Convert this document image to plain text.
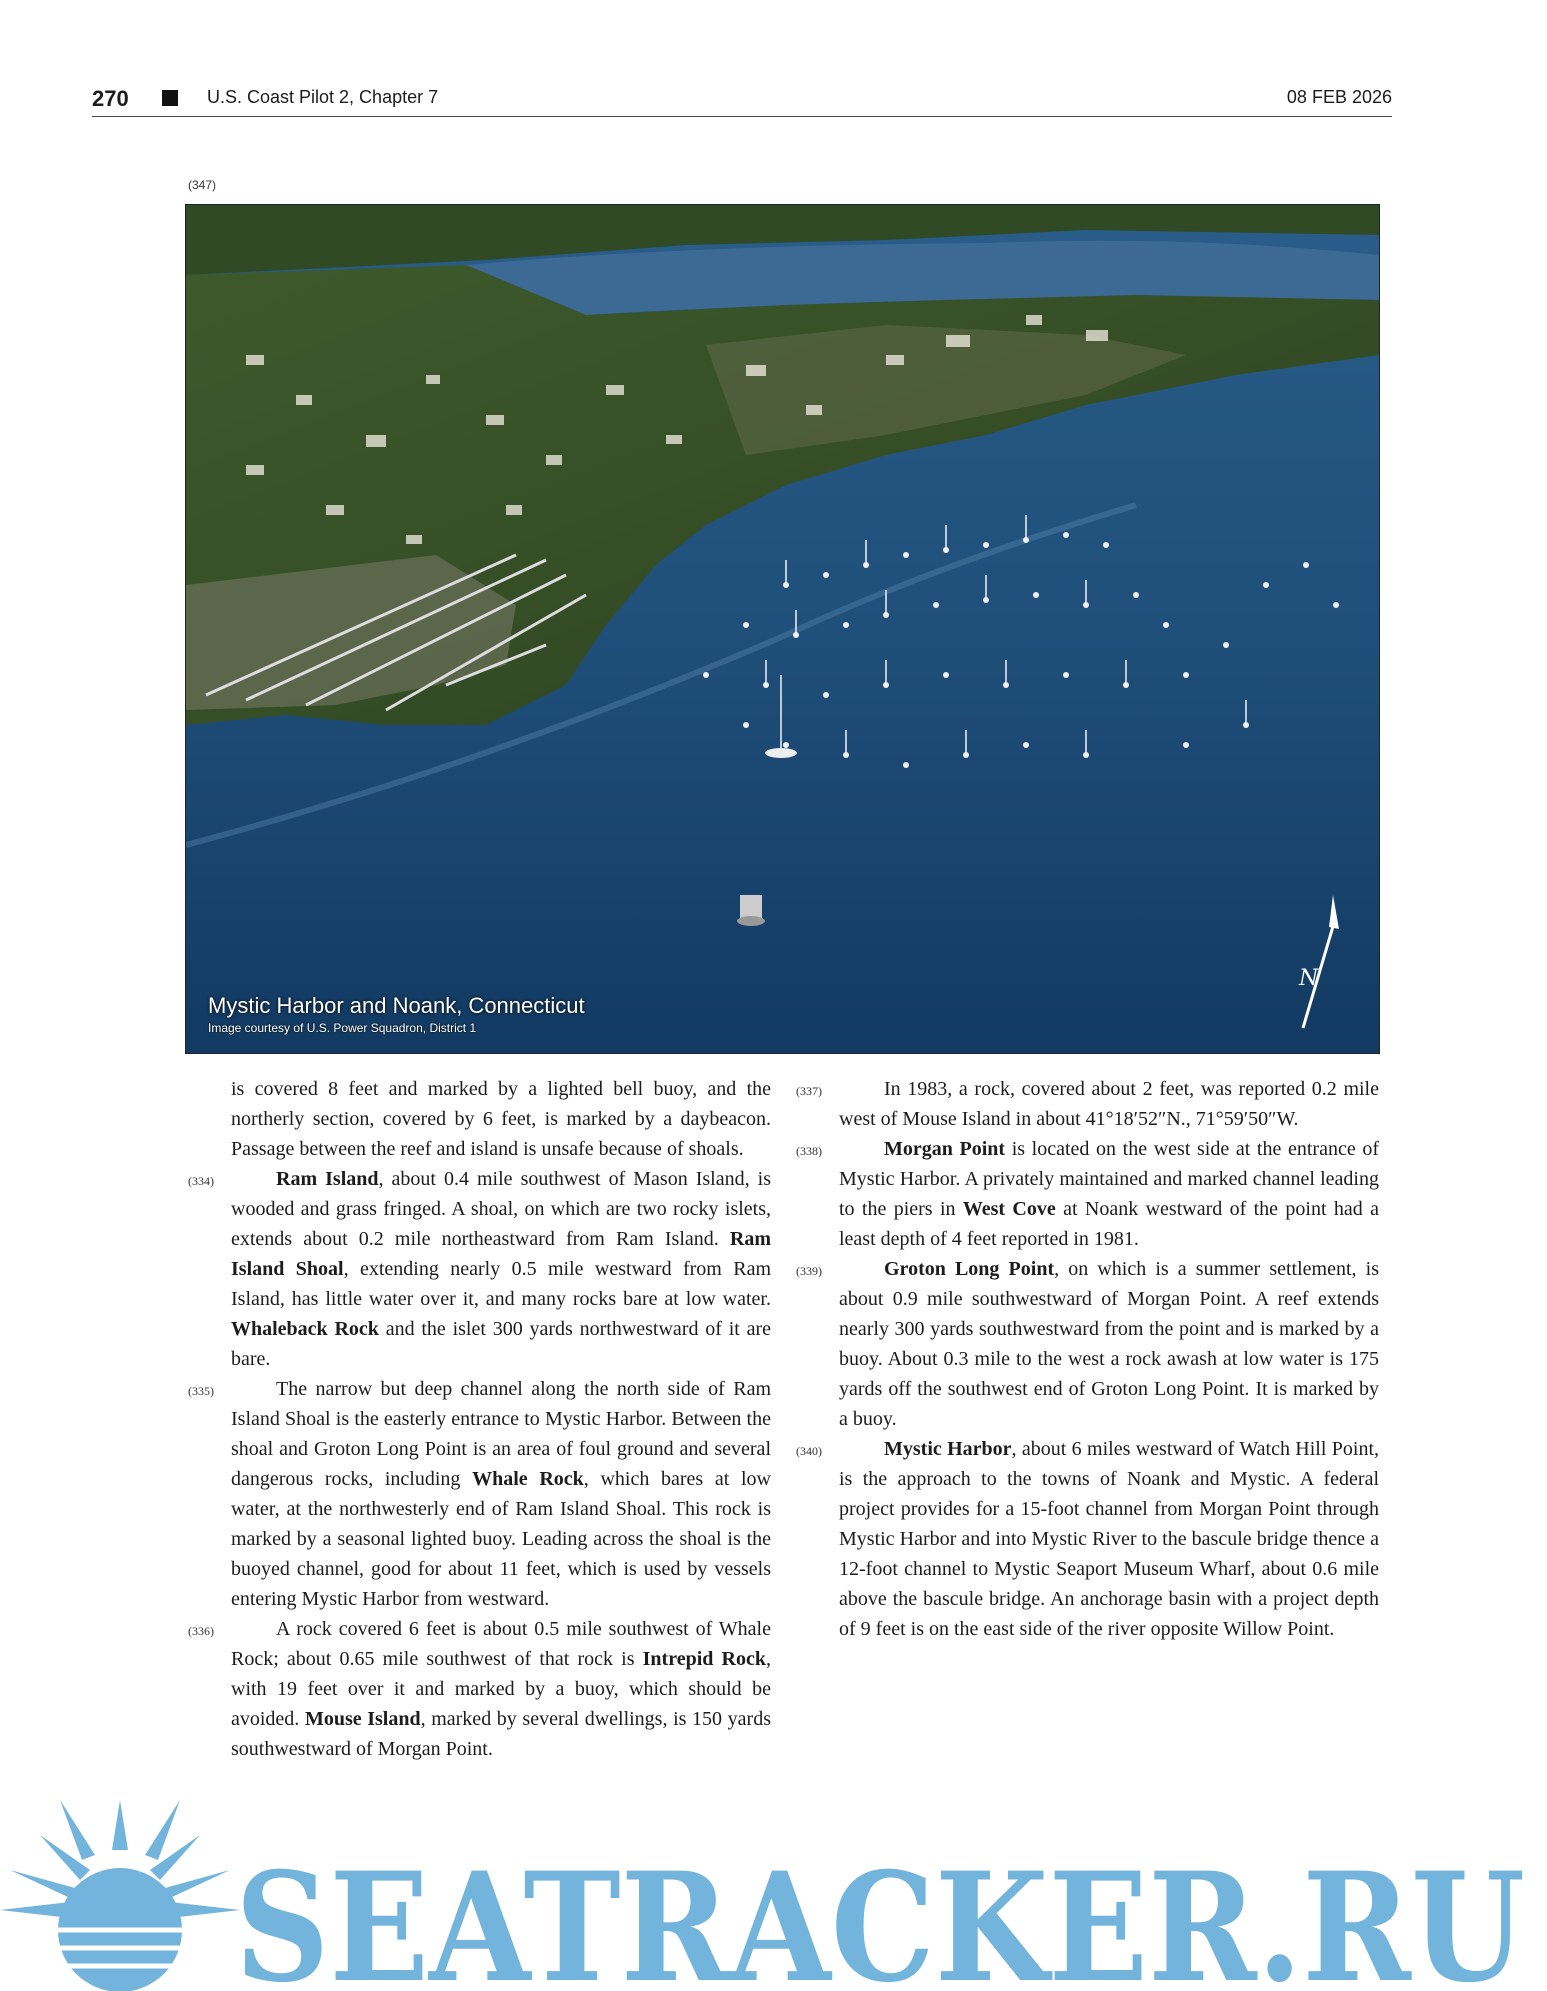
270	U.S. Coast Pilot 2, Chapter 7	08 FEB 2026
(347)
Mystic Harbor and Noank, Connecticut
Image courtesy of U.S. Power Squadron, District 1
N

is covered 8 feet and marked by a lighted bell buoy, and the northerly section, covered by 6 feet, is marked by a daybeacon. Passage between the reef and island is unsafe because of shoals.

(334)	Ram Island, about 0.4 mile southwest of Mason Island, is wooded and grass fringed. A shoal, on which are two rocky islets, extends about 0.2 mile northeastward from Ram Island. Ram Island Shoal, extending nearly 0.5 mile westward from Ram Island, has little water over it, and many rocks bare at low water. Whaleback Rock and the islet 300 yards northwestward of it are bare.

(335)	The narrow but deep channel along the north side of Ram Island Shoal is the easterly entrance to Mystic Harbor. Between the shoal and Groton Long Point is an area of foul ground and several dangerous rocks, including Whale Rock, which bares at low water, at the northwesterly end of Ram Island Shoal. This rock is marked by a seasonal lighted buoy. Leading across the shoal is the buoyed channel, good for about 11 feet, which is used by vessels entering Mystic Harbor from westward.

(336)	A rock covered 6 feet is about 0.5 mile southwest of Whale Rock; about 0.65 mile southwest of that rock is Intrepid Rock, with 19 feet over it and marked by a buoy, which should be avoided. Mouse Island, marked by several dwellings, is 150 yards southwestward of Morgan Point.

(337)	In 1983, a rock, covered about 2 feet, was reported 0.2 mile west of Mouse Island in about 41°18′52″N., 71°59′50″W.

(338)	Morgan Point is located on the west side at the entrance of Mystic Harbor. A privately maintained and marked channel leading to the piers in West Cove at Noank westward of the point had a least depth of 4 feet reported in 1981.

(339)	Groton Long Point, on which is a summer settlement, is about 0.9 mile southwestward of Morgan Point. A reef extends nearly 300 yards southwestward from the point and is marked by a buoy. About 0.3 mile to the west a rock awash at low water is 175 yards off the southwest end of Groton Long Point. It is marked by a buoy.

(340)	Mystic Harbor, about 6 miles westward of Watch Hill Point, is the approach to the towns of Noank and Mystic. A federal project provides for a 15-foot channel from Morgan Point through Mystic Harbor and into Mystic River to the bascule bridge thence a 12-foot channel to Mystic Seaport Museum Wharf, about 0.6 mile above the bascule bridge. An anchorage basin with a project depth of 9 feet is on the east side of the river opposite Willow Point.

SEATRACKER.RU
